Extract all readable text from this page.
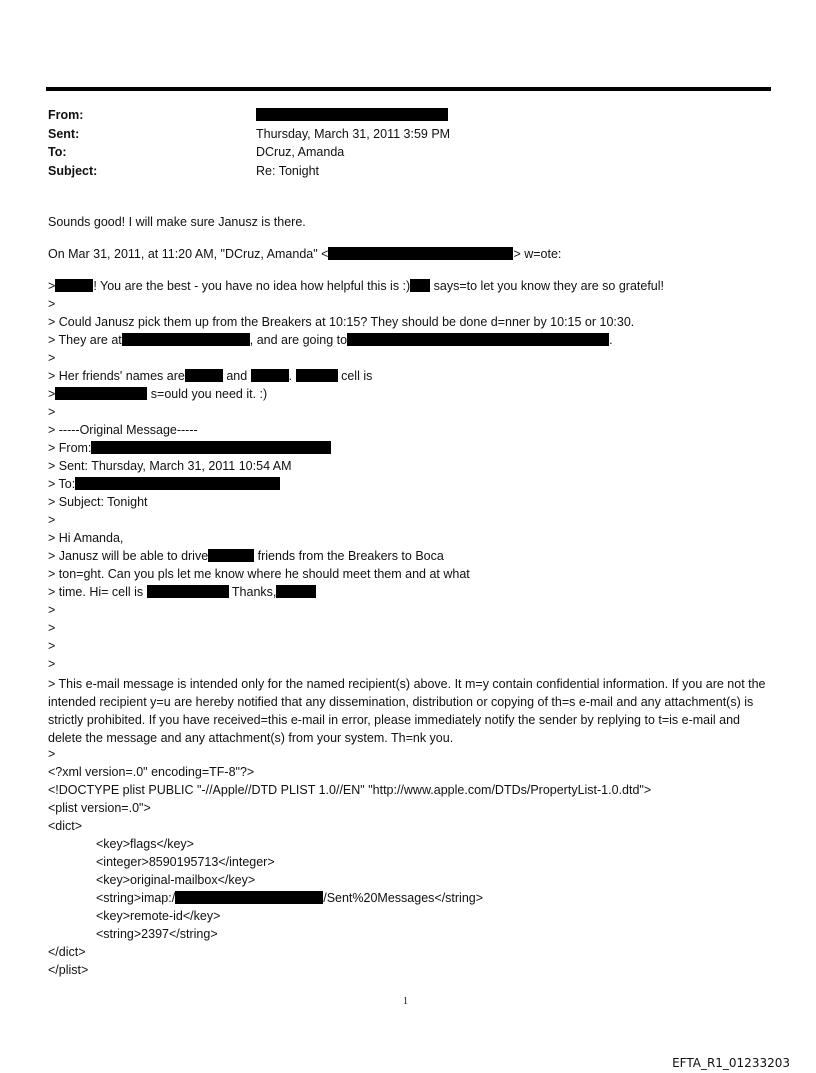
From:
Sent:	Thursday, March 31, 2011 3:59 PM
To:	DCruz, Amanda
Subject:	Re: Tonight
Sounds good! I will make sure Janusz is there.
On Mar 31, 2011, at 11:20 AM, "DCruz, Amanda" <	> w=ote:
>	! You are the best - you have no idea how helpful this is :) says=to let you know they are so grateful!
>
> Could Janusz pick them up from the Breakers at 10:15? They should be done d=nner by 10:15 or 10:30.
> They are at	, and are going to	.
>
> Her friends' names are	and	.	cell is
>	s=ould you need it. :)
>
> -----Original Message-----
> From:
> Sent: Thursday, March 31, 2011 10:54 AM
> To:
> Subject: Tonight
>
> Hi Amanda,
> Janusz will be able to drive	friends from the Breakers to Boca
> ton=ght. Can you pls let me know where he should meet them and at what
> time. Hi= cell is	Thanks,
>
>
>
>
> This e-mail message is intended only for the named recipient(s) above. It m=y contain confidential information. If you are not the intended recipient y=u are hereby notified that any dissemination, distribution or copying of th=s e-mail and any attachment(s) is strictly prohibited. If you have received=this e-mail in error, please immediately notify the sender by replying to t=is e-mail and delete the message and any attachment(s) from your system. Th=nk you.
>
<?xml version=.0" encoding=TF-8"?>
<!DOCTYPE plist PUBLIC "-//Apple//DTD PLIST 1.0//EN" "http://www.apple.com/DTDs/PropertyList-1.0.dtd">
<plist version=.0">
<dict>
<key>flags</key>
<integer>8590195713</integer>
<key>original-mailbox</key>
<string>imap:/	/Sent%20Messages</string>
<key>remote-id</key>
<string>2397</string>
</dict>
</plist>
1
EFTA_R1_01233203
